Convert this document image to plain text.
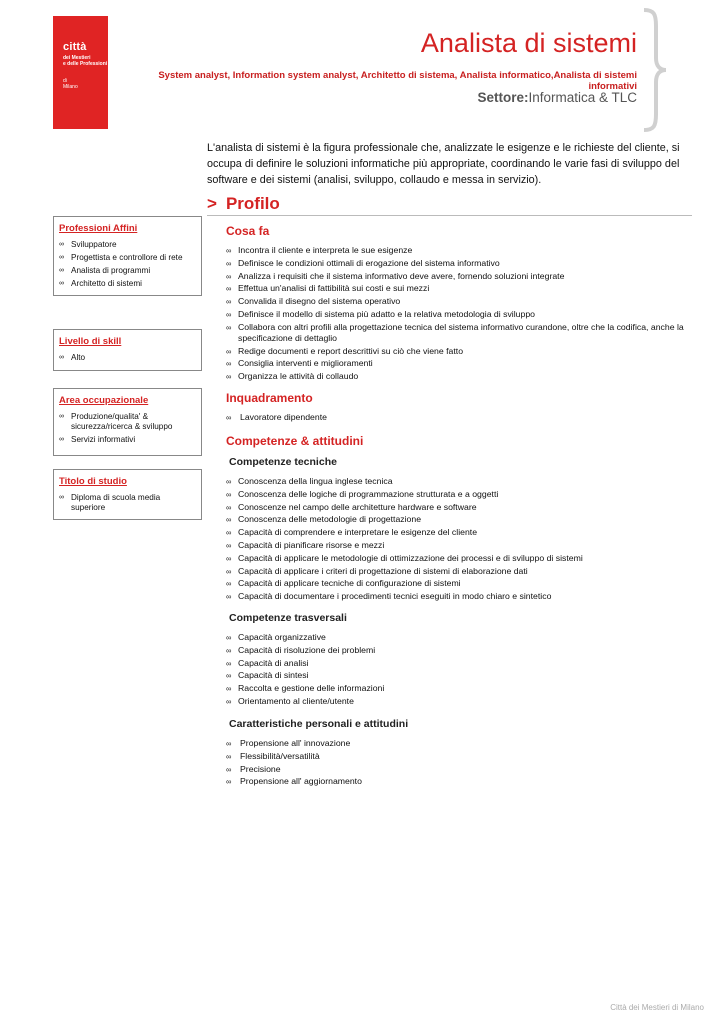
città
dei Mestieri
e delle Professioni
di
Milano
Analista di sistemi
System analyst, Information system analyst, Architetto di sistema, Analista informatico,Analista di sistemi informativi
Settore:Informatica & TLC

L'analista di sistemi è la figura professionale che, analizzate le esigenze e le richieste del cliente, si occupa di definire le soluzioni informatiche più appropriate, coordinando le varie fasi di sviluppo del software e dei sistemi (analisi, sviluppo, collaudo e messa in servizio).

> Profilo
Professioni Affini
∞ Sviluppatore
∞ Progettista e controllore di rete
∞ Analista di programmi
∞ Architetto di sistemi
Livello di skill
∞ Alto
Area occupazionale
∞ Produzione/qualita' & sicurezza/ricerca & sviluppo
∞ Servizi informativi
Titolo di studio
∞ Diploma di scuola media superiore
Cosa fa
∞ Incontra il cliente e interpreta le sue esigenze
∞ Definisce le condizioni ottimali di erogazione del sistema informativo
∞ Analizza i requisiti che il sistema informativo deve avere, fornendo soluzioni integrate
∞ Effettua un'analisi di fattibilità sui costi e sui mezzi
∞ Convalida il disegno del sistema operativo
∞ Definisce il modello di sistema più adatto e la relativa metodologia di sviluppo
∞ Collabora con altri profili alla progettazione tecnica del sistema informativo curandone, oltre che la codifica, anche la specificazione di dettaglio
∞ Redige documenti e report descrittivi su ciò che viene fatto
∞ Consiglia interventi e miglioramenti
∞ Organizza le attività di collaudo
Inquadramento
∞ Lavoratore dipendente
Competenze & attitudini
Competenze tecniche
∞ Conoscenza della lingua inglese tecnica
∞ Conoscenza delle logiche di programmazione strutturata e a oggetti
∞ Conoscenze nel campo delle architetture hardware e software
∞ Conoscenza delle metodologie di progettazione
∞ Capacità di comprendere e interpretare le esigenze del cliente
∞ Capacità di pianificare risorse e mezzi
∞ Capacità di applicare le metodologie di ottimizzazione dei processi e di sviluppo di sistemi
∞ Capacità di applicare i criteri di progettazione di sistemi di elaborazione dati
∞ Capacità di applicare tecniche di configurazione di sistemi
∞ Capacità di documentare i procedimenti tecnici eseguiti in modo chiaro e sintetico
Competenze trasversali
∞ Capacità organizzative
∞ Capacità di risoluzione dei problemi
∞ Capacità di analisi
∞ Capacità di sintesi
∞ Raccolta e gestione delle informazioni
∞ Orientamento al cliente/utente
Caratteristiche personali e attitudini
∞ Propensione all' innovazione
∞ Flessibilità/versatilità
∞ Precisione
∞ Propensione all' aggiornamento
Città dei Mestieri di Milano
